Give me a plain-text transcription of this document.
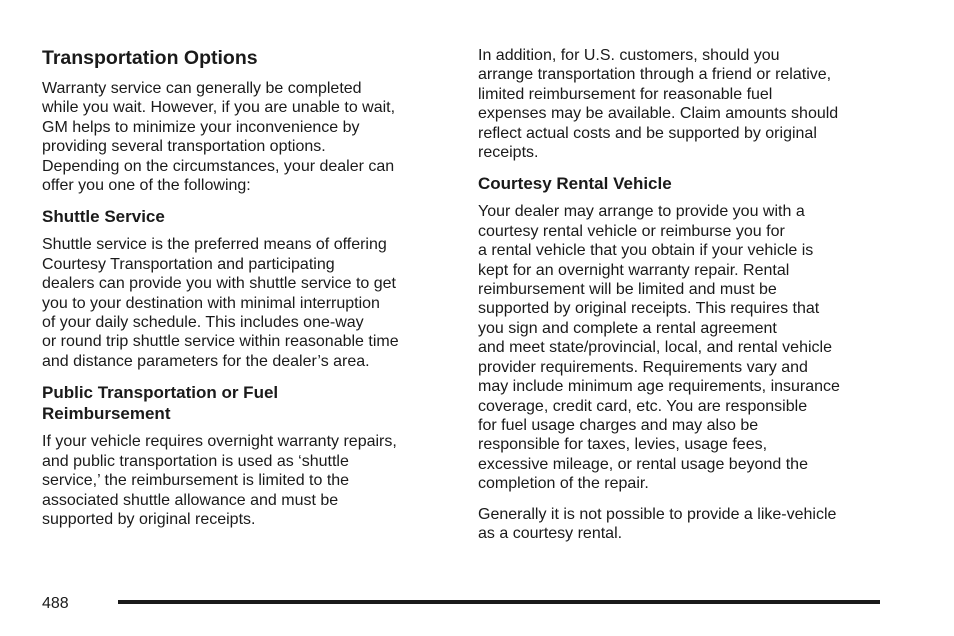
Transportation Options

Warranty service can generally be completed
while you wait. However, if you are unable to wait,
GM helps to minimize your inconvenience by
providing several transportation options.
Depending on the circumstances, your dealer can
offer you one of the following:

Shuttle Service

Shuttle service is the preferred means of offering
Courtesy Transportation and participating
dealers can provide you with shuttle service to get
you to your destination with minimal interruption
of your daily schedule. This includes one-way
or round trip shuttle service within reasonable time
and distance parameters for the dealer’s area.

Public Transportation or Fuel
Reimbursement

If your vehicle requires overnight warranty repairs,
and public transportation is used as ‘shuttle
service,’ the reimbursement is limited to the
associated shuttle allowance and must be
supported by original receipts.

In addition, for U.S. customers, should you
arrange transportation through a friend or relative,
limited reimbursement for reasonable fuel
expenses may be available. Claim amounts should
reflect actual costs and be supported by original
receipts.

Courtesy Rental Vehicle

Your dealer may arrange to provide you with a
courtesy rental vehicle or reimburse you for
a rental vehicle that you obtain if your vehicle is
kept for an overnight warranty repair. Rental
reimbursement will be limited and must be
supported by original receipts. This requires that
you sign and complete a rental agreement
and meet state/provincial, local, and rental vehicle
provider requirements. Requirements vary and
may include minimum age requirements, insurance
coverage, credit card, etc. You are responsible
for fuel usage charges and may also be
responsible for taxes, levies, usage fees,
excessive mileage, or rental usage beyond the
completion of the repair.

Generally it is not possible to provide a like-vehicle
as a courtesy rental.

488
